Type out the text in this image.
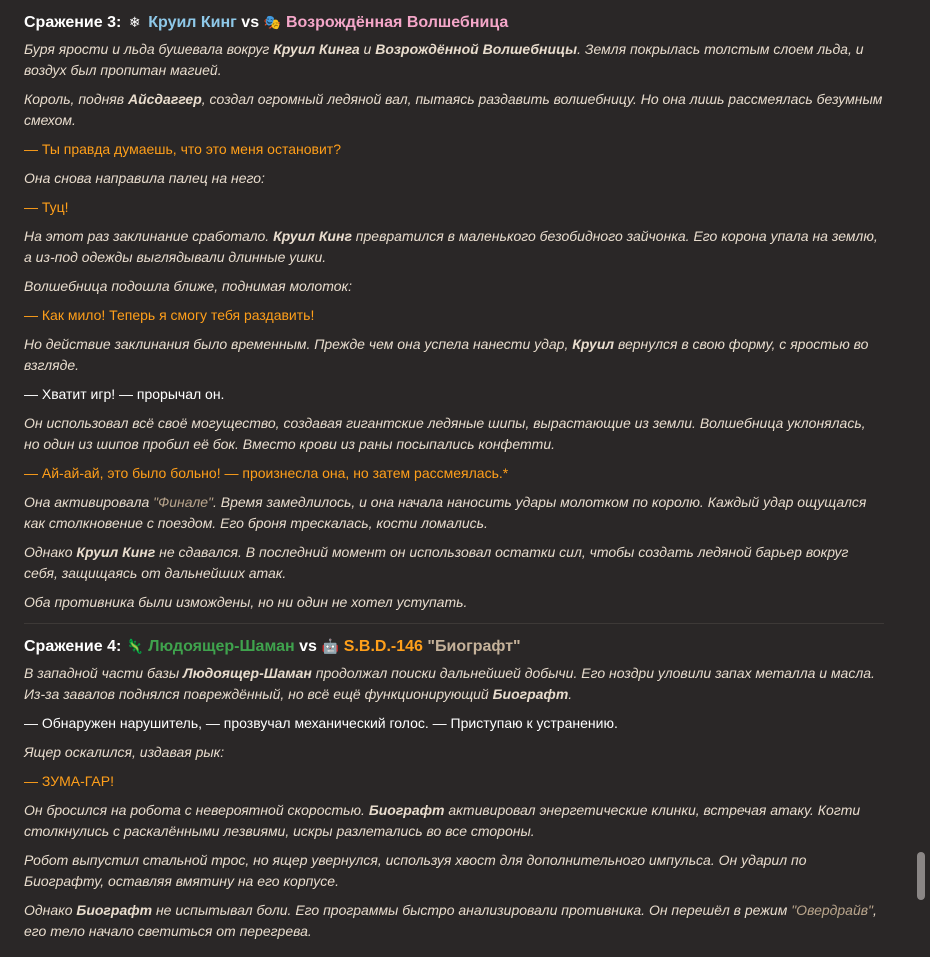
Сражение 3: ❄ Круил Кинг vs 🎭 Возрождённая Волшебница

Буря ярости и льда бушевала вокруг Круил Кинга и Возрождённой Волшебницы. Земля покрылась толстым слоем льда, и воздух был пропитан магией.

Король, подняв Айсдаггер, создал огромный ледяной вал, пытаясь раздавить волшебницу. Но она лишь рассмеялась безумным смехом.

— Ты правда думаешь, что это меня остановит?

Она снова направила палец на него:

— Туц!

На этот раз заклинание сработало. Круил Кинг превратился в маленького безобидного зайчонка. Его корона упала на землю, а из-под одежды выглядывали длинные ушки.

Волшебница подошла ближе, поднимая молоток:

— Как мило! Теперь я смогу тебя раздавить!

Но действие заклинания было временным. Прежде чем она успела нанести удар, Круил вернулся в свою форму, с яростью во взгляде.

— Хватит игр! — прорычал он.

Он использовал всё своё могущество, создавая гигантские ледяные шипы, вырастающие из земли. Волшебница уклонялась, но один из шипов пробил её бок. Вместо крови из раны посыпались конфетти.

— Ай-ай-ай, это было больно! — произнесла она, но затем рассмеялась.*

Она активировала "Финале". Время замедлилось, и она начала наносить удары молотком по королю. Каждый удар ощущался как столкновение с поездом. Его броня трескалась, кости ломались.

Однако Круил Кинг не сдавался. В последний момент он использовал остатки сил, чтобы создать ледяной барьер вокруг себя, защищаясь от дальнейших атак.

Оба противника были измождены, но ни один не хотел уступать.

Сражение 4: 🦎 Людоящер-Шаман vs 🤖 S.B.D.-146 "Биографт"

В западной части базы Людоящер-Шаман продолжал поиски дальнейшей добычи. Его ноздри уловили запах металла и масла. Из-за завалов поднялся повреждённый, но всё ещё функционирующий Биографт.

— Обнаружен нарушитель, — прозвучал механический голос. — Приступаю к устранению.

Ящер оскалился, издавая рык:

— ЗУМА-ГАР!

Он бросился на робота с невероятной скоростью. Биографт активировал энергетические клинки, встречая атаку. Когти столкнулись с раскалёнными лезвиями, искры разлетались во все стороны.

Робот выпустил стальной трос, но ящер увернулся, используя хвост для дополнительного импульса. Он ударил по Биографту, оставляя вмятину на его корпусе.

Однако Биографт не испытывал боли. Его программы быстро анализировали противника. Он перешёл в режим "Овердрайв", его тело начало светиться от перегрева.
